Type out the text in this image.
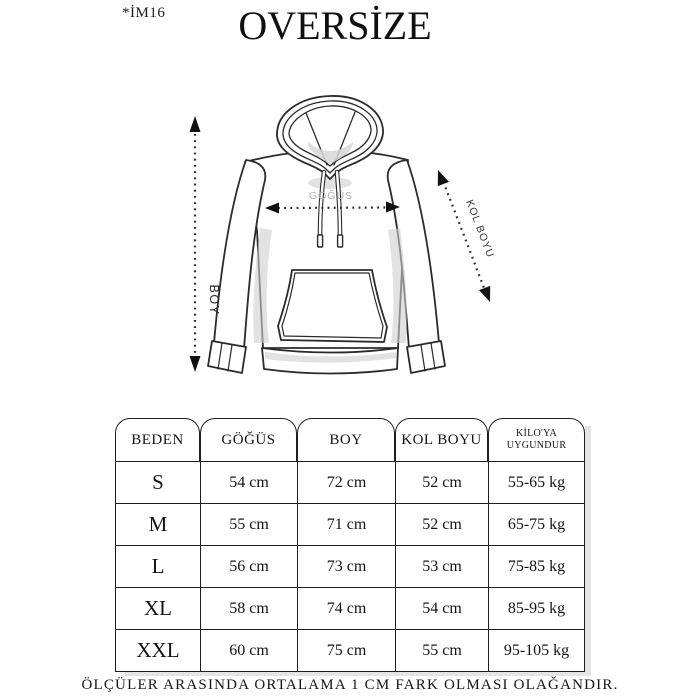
*İM16	OVERSİZE
BOY
GÖĞÜS
KOL BOYU
BEDEN	GÖĞÜS	BOY	KOL BOYU	KİLO'YA UYGUNDUR
S	54 cm	72 cm	52 cm	55-65 kg
M	55 cm	71 cm	52 cm	65-75 kg
L	56 cm	73 cm	53 cm	75-85 kg
XL	58 cm	74 cm	54 cm	85-95 kg
XXL	60 cm	75 cm	55 cm	95-105 kg
ÖLÇÜLER ARASINDA ORTALAMA 1 CM FARK OLMASI OLAĞANDIR.
